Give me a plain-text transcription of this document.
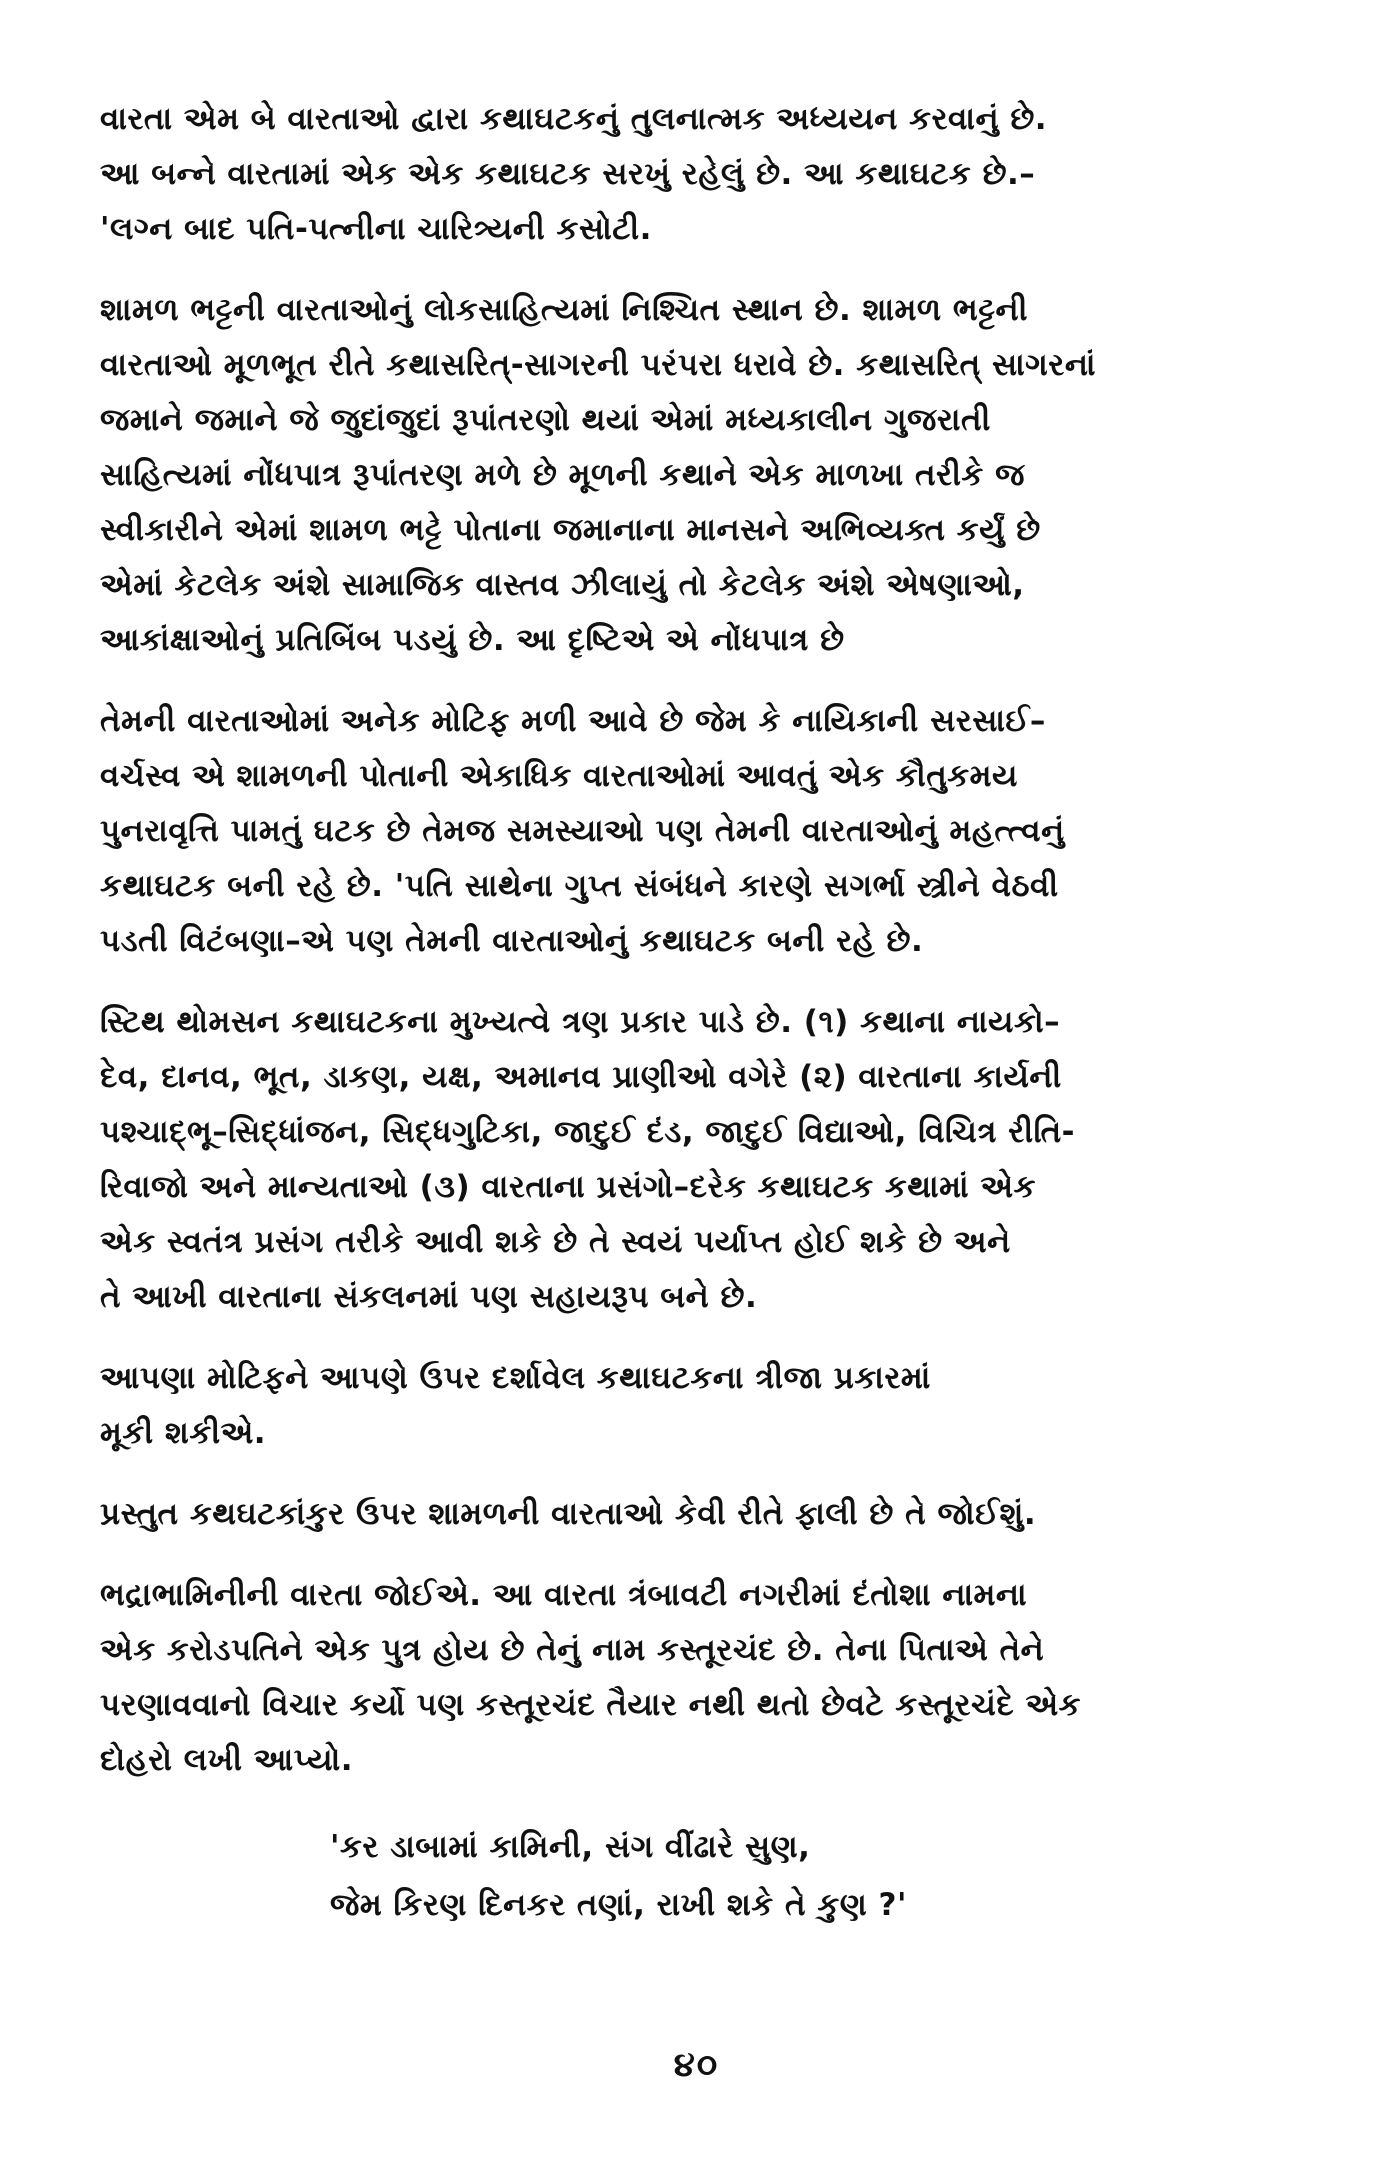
વારતા એમ બે વારતાઓ દ્વારા કથાઘટકનું તુલનાત્મક અધ્યયન કરવાનું છે.
આ બન્ને વારતામાં એક એક કથાઘટક સરખું રહેલું છે. આ કથાઘટક છે.–
'લગ્ન બાદ પતિ-પત્નીના ચારિત્ર્યની કસોટી.
શામળ ભટ્ટની વારતાઓનું લોકસાહિત્યમાં નિશ્ચિત સ્થાન છે. શામળ ભટ્ટની
વારતાઓ મૂળભૂત રીતે કથાસરિત્‌-સાગરની પરંપરા ધરાવે છે. કથાસરિત્‌ સાગરનાં
જમાને જમાને જે જુદાંજુદાં રૂપાંતરણો થયાં એમાં મધ્યકાલીન ગુજરાતી
સાહિત્યમાં નોંધપાત્ર રૂપાંતરણ મળે છે મૂળની કથાને એક માળખા તરીકે જ
સ્વીકારીને એમાં શામળ ભટ્ટે પોતાના જમાનાના માનસને અભિવ્યક્ત કર્યું છે
એમાં કેટલેક અંશે સામાજિક વાસ્તવ ઝીલાયું તો કેટલેક અંશે એષણાઓ,
આકાંક્ષાઓનું પ્રતિબિંબ પડયું છે. આ દૃષ્ટિએ એ નોંધપાત્ર છે
તેમની વારતાઓમાં અનેક મોટિફ મળી આવે છે જેમ કે નાયિકાની સરસાઈ–
વર્ચસ્વ એ શામળની પોતાની એકાધિક વારતાઓમાં આવતું એક કૌતુકમય
પુનરાવૃત્તિ પામતું ઘટક છે તેમજ સમસ્યાઓ પણ તેમની વારતાઓનું મહત્ત્વનું
કથાઘટક બની રહે છે. 'પતિ સાથેના ગુપ્ત સંબંધને કારણે સગર્ભા સ્ત્રીને વેઠવી
પડતી વિટંબણા–એ પણ તેમની વારતાઓનું કથાઘટક બની રહે છે.
સ્ટિથ થોમસન કથાઘટકના મુખ્યત્વે ત્રણ પ્રકાર પાડે છે. (૧) કથાના નાયકો–
દેવ, દાનવ, ભૂત, ડાકણ, યક્ષ, અમાનવ પ્રાણીઓ વગેરે (૨) વારતાના કાર્યની
પશ્ચાદ્‌ભૂ–સિદ્ધાંજન, સિદ્ધગુટિકા, જાદુઈ દંડ, જાદુઈ વિદ્યાઓ, વિચિત્ર રીતિ-
રિવાજો અને માન્યતાઓ (૩) વારતાના પ્રસંગો–દરેક કથાઘટક કથામાં એક
એક સ્વતંત્ર પ્રસંગ તરીકે આવી શકે છે તે સ્વયં પર્યાપ્ત હોઈ શકે છે અને
તે આખી વારતાના સંકલનમાં પણ સહાયરૂપ બને છે.
આપણા મોટિફને આપણે ઉપર દર્શાવેલ કથાઘટકના ત્રીજા પ્રકારમાં
મૂકી શકીએ.
પ્રસ્તુત કથઘટકાંકુર ઉપર શામળની વારતાઓ કેવી રીતે ફાલી છે તે જોઈશું.
ભદ્રાભામિનીની વારતા જોઈએ. આ વારતા ત્રંબાવટી નગરીમાં દંતોશા નામના
એક કરોડપતિને એક પુત્ર હોય છે તેનું નામ કસ્તૂરચંદ છે. તેના પિતાએ તેને
પરણાવવાનો વિચાર કર્યો પણ કસ્તૂરચંદ તૈયાર નથી થતો છેવટે કસ્તૂરચંદે એક
દોહરો લખી આપ્યો.
'કર ડાબામાં કામિની, સંગ વીંઢારે સુણ,
જેમ કિરણ દિનકર તણાં, રાખી શકે તે કુણ ?'
૪૦
